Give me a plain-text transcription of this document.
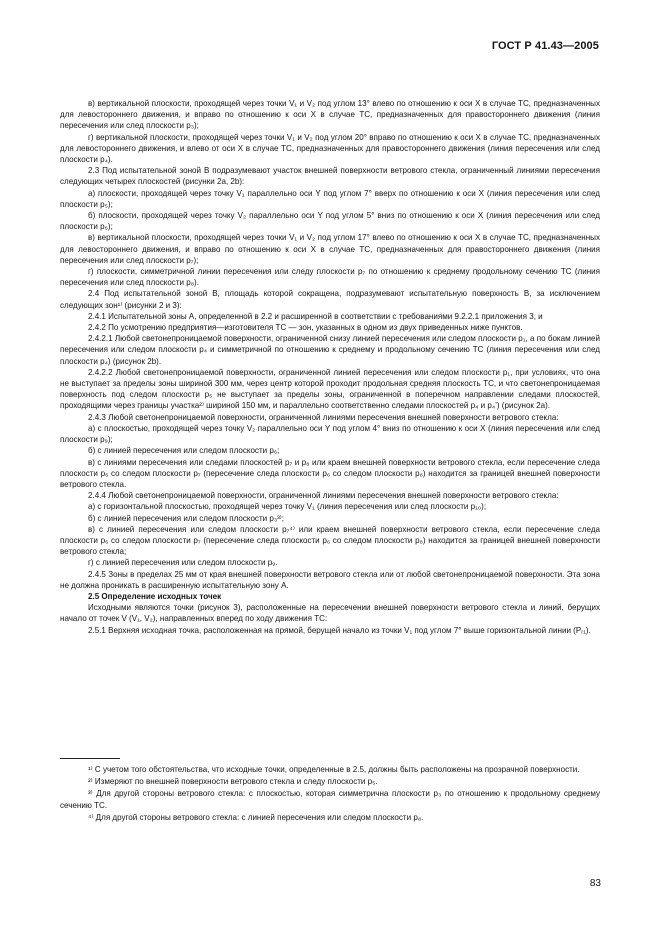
ГОСТ Р 41.43—2005

в) вертикальной плоскости, проходящей через точки V₁ и V₂ под углом 13° влево по отношению к оси X в случае ТС, предназначенных для левостороннего движения, и вправо по отношению к оси X в случае ТС, предназначенных для правостороннего движения (линия пересечения или след плоскости p₃);

г) вертикальной плоскости, проходящей через точки V₁ и V₂ под углом 20° вправо по отношению к оси X в случае ТС, предназначенных для левостороннего движения, и влево от оси X в случае ТС, предназначенных для правостороннего движения (линия пересечения или след плоскости p₄).

2.3 Под испытательной зоной B подразумевают участок внешней поверхности ветрового стекла, ограниченный линиями пересечения следующих четырех плоскостей (рисунки 2a, 2b):

а) плоскости, проходящей через точку V₁ параллельно оси Y под углом 7° вверх по отношению к оси X (линия пересечения или след плоскости p₅);

б) плоскости, проходящей через точку V₂ параллельно оси Y под углом 5° вниз по отношению к оси X (линия пересечения или след плоскости p₆);

в) вертикальной плоскости, проходящей через точки V₁ и V₂ под углом 17° влево по отношению к оси X в случае ТС, предназначенных для левостороннего движения, и вправо по отношению к оси X в случае ТС, предназначенных для правостороннего движения (линия пересечения или след плоскости p₇);

г) плоскости, симметричной линии пересечения или следу плоскости p₇ по отношению к среднему продольному сечению ТС (линия пересечения или след плоскости p₈).

2.4 Под испытательной зоной B, площадь которой сокращена, подразумевают испытательную поверхность B, за исключением следующих зон¹⁾ (рисунки 2 и 3):

2.4.1 Испытательной зоны A, определенной в 2.2 и расширенной в соответствии с требованиями 9.2.2.1 приложения 3, и

2.4.2 По усмотрению предприятия—изготовителя ТС — зон, указанных в одном из двух приведенных ниже пунктов.

2.4.2.1 Любой светонепроницаемой поверхности, ограниченной снизу линией пересечения или следом плоскости p₁, а по бокам линией пересечения или следом плоскости p₄ и симметричной по отношению к среднему и продольному сечению ТС (линия пересечения или след плоскости p₄) (рисунок 2b).

2.4.2.2 Любой светонепроницаемой поверхности, ограниченной линией пересечения или следом плоскости p₁, при условиях, что она не выступает за пределы зоны шириной 300 мм, через центр которой проходит продольная средняя плоскость ТС, и что светонепроницаемая поверхность под следом плоскости p₅ не выступает за пределы зоны, ограниченной в поперечном направлении следами плоскостей, проходящими через границы участка²⁾ шириной 150 мм, и параллельно соответственно следами плоскостей p₄ и p₄’) (рисунок 2a).

2.4.3 Любой светонепроницаемой поверхности, ограниченной линиями пересечения внешней поверхности ветрового стекла:

а) с плоскостью, проходящей через точку V₂ параллельно оси Y под углом 4° вниз по отношению к оси X (линия пересечения или след плоскости p₉);

б) с линией пересечения или следом плоскости p₆;

в) с линиями пересечения или следами плоскостей p₇ и p₈ или краем внешней поверхности ветрового стекла, если пересечение следа плоскости p₆ со следом плоскости p₇ (пересечение следа плоскости p₆ со следом плоскости p₈) находится за границей внешней поверхности ветрового стекла.

2.4.4 Любой светонепроницаемой поверхности, ограниченной линиями пересечения внешней поверхности ветрового стекла:

а) с горизонтальной плоскостью, проходящей через точку V₁ (линия пересечения или след плоскости p₁₀);

б) с линией пересечения или следом плоскости p₃³⁾;

в) с линией пересечения или следом плоскости p₇⁴⁾ или краем внешней поверхности ветрового стекла, если пересечение следа плоскости p₆ со следом плоскости p₇ (пересечение следа плоскости p₆ со следом плоскости p₈) находится за границей внешней поверхности ветрового стекла;

г) с линией пересечения или следом плоскости p₉.

2.4.5 Зоны в пределах 25 мм от края внешней поверхности ветрового стекла или от любой светонепроницаемой поверхности. Эта зона не должна проникать в расширенную испытательную зону A.

2.5 Определение исходных точек

Исходными являются точки (рисунок 3), расположенные на пересечении внешней поверхности ветрового стекла и линий, берущих начало от точек V (V₁, V₂), направленных вперед по ходу движения ТС:

2.5.1 Верхняя исходная точка, расположенная на прямой, берущей начало из точки V₁ под углом 7° выше горизонтальной линии (Pᵣ₁).

¹⁾ С учетом того обстоятельства, что исходные точки, определенные в 2.5, должны быть расположены на прозрачной поверхности.

²⁾ Измеряют по внешней поверхности ветрового стекла и следу плоскости p₅.

³⁾ Для другой стороны ветрового стекла: с плоскостью, которая симметрична плоскости p₃ по отношению к продольному среднему сечению ТС.

⁴⁾ Для другой стороны ветрового стекла: с линией пересечения или следом плоскости p₈.

83
